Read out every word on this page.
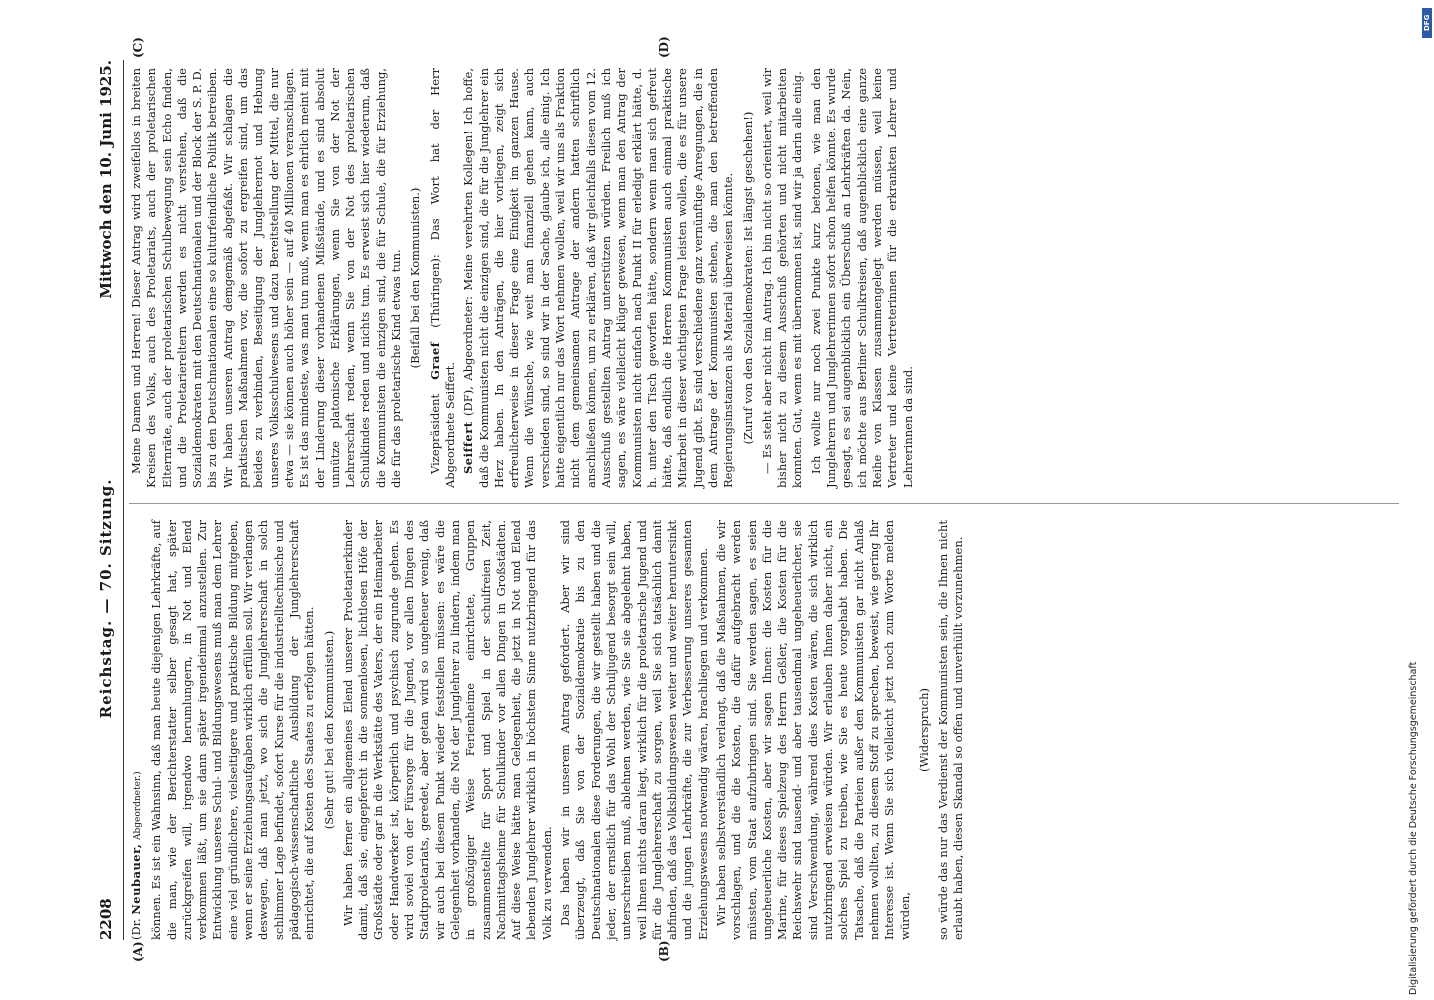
2208
Reichstag. — 70. Sitzung.
Mittwoch den 10. Juni 1925.
(A)	(B)
(C)	(D)

(Dr. Neubauer, Abgeordneter.) können. Es ist ein Wahnsinn, daß man heute diejenigen Lehrkräfte, auf die man, wie der Berichterstatter selber gesagt hat, später zurückgreifen will, irgendwo herumlungern, in Not und Elend verkommen läßt, um sie dann später irgendeinmal anzustellen. Zur Entwicklung unseres Schul- und Bildungswesens muß man dem Lehrer eine viel gründlichere, vielseitigere und praktische Bildung mitgeben, wenn er seine Erziehungsaufgaben wirklich erfüllen soll. Wir verlangen deswegen, daß man jetzt, wo sich die Junglehrerschaft in solch schlimmer Lage befindet, sofort Kurse für die industrielltechnische und pädagogisch-wissenschaftliche Ausbildung der Junglehrerschaft einrichtet, die auf Kosten des Staates zu erfolgen hätten. (Sehr gut! bei den Kommunisten.) Wir haben ferner ein allgemeines Elend unserer Proletarierkinder damit, daß sie, eingepfercht in die sonnenlosen, lichtlosen Höfe der Großstädte oder gar in die Werkstätte des Vaters, der ein Heimarbeiter oder Handwerker ist, körperlich und psychisch zugrunde gehen. Es wird soviel von der Fürsorge für die Jugend, vor allen Dingen des Stadtproletariats, geredet, aber getan wird so ungeheuer wenig, daß wir auch bei diesem Punkt wieder feststellen müssen: es wäre die Gelegenheit vorhanden, die Not der Junglehrer zu lindern, indem man in großzügiger Weise Ferienheime einrichtete, Gruppen zusammenstellte für Sport und Spiel in der schulfreien Zeit, Nachmittagsheime für Schulkinder vor allen Dingen in Großstädten. Auf diese Weise hätte man Gelegenheit, die jetzt in Not und Elend lebenden Junglehrer wirklich in höchstem Sinne nutzbringend für das Volk zu verwenden. Das haben wir in unserem Antrag gefordert. Aber wir sind überzeugt, daß Sie von der Sozialdemokratie bis zu den Deutschnationalen diese Forderungen, die wir gestellt haben und die jeder, der ernstlich für das Wohl der Schuljugend besorgt sein will, unterschreiben muß, ablehnen werden, wie Sie sie abgelehnt haben, weil Ihnen nichts daran liegt, wirklich für die proletarische Jugend und für die Junglehrerschaft zu sorgen, weil Sie sich tatsächlich damit abfinden, daß das Volksbildungswesen weiter und weiter heruntersinkt und die jungen Lehrkräfte, die zur Verbesserung unseres gesamten Erziehungswesens notwendig wären, brachliegen und verkommen. Wir haben selbstverständlich verlangt, daß die Maßnahmen, die wir vorschlagen, und die die Kosten, die dafür aufgebracht werden müssten, vom Staat aufzubringen sind. Sie werden sagen, es seien ungeheuerliche Kosten, aber wir sagen Ihnen: die Kosten für die Marine, für dieses Spielzeug des Herrn Geßler, die Kosten für die Reichswehr sind tausend- und aber tausendmal ungeheuerlicher, sie sind Verschwendung, während dies Kosten wären, die sich wirklich nutzbringend erweisen würden. Wir erlauben Ihnen daher nicht, ein solches Spiel zu treiben, wie Sie es heute vorgehabt haben. Die Tatsache, daß die Parteien außer den Kommunisten gar nicht Anlaß nehmen wollten, zu diesem Stoff zu sprechen, beweist, wie gering Ihr Interesse ist. Wenn Sie sich vielleicht jetzt noch zum Worte melden würden,

(Widerspruch) so würde das nur das Verdienst der Kommunisten sein, die Ihnen nicht erlaubt haben, diesen Skandal so offen und unverhüllt vorzunehmen.

Meine Damen und Herren! Dieser Antrag wird zweifellos in breiten Kreisen des Volks, auch des Proletariats, auch der proletarischen Elternräte, auch der proletarischen Schulbewegung sein Echo finden, und die Proletariereltern werden es nicht verstehen, daß die Sozialdemokraten mit den Deutschnationalen und der Block der S. P. D. bis zu den Deutschnationalen eine so kulturfeindliche Politik betreiben. Wir haben unseren Antrag demgemäß abgefaßt. Wir schlagen die praktischen Maßnahmen vor, die sofort zu ergreifen sind, um das beides zu verbinden, Beseitigung der Junglehrernot und Hebung unseres Volksschulwesens und dazu Bereitstellung der Mittel, die nur etwa — sie können auch höher sein — auf 40 Millionen veranschlagen. Es ist das mindeste, was man tun muß, wenn man es ehrlich meint mit der Linderung dieser vorhandenen Mißstände, und es sind absolut unnütze platonische Erklärungen, wenn Sie von der Not der Lehrerschaft reden, wenn Sie von der Not des proletarischen Schulkindes reden und nichts tun. Es erweist sich hier wiederum, daß die Kommunisten die einzigen sind, die für Schule, die für Erziehung, die für das proletarische Kind etwas tun. (Beifall bei den Kommunisten.)

Vizepräsident Graef (Thüringen): Das Wort hat der Herr Abgeordnete Seiffert. Seiffert (DF), Abgeordneter: Meine verehrten Kollegen! Ich hoffe, daß die Kommunisten nicht die einzigen sind, die für die Junglehrer ein Herz haben. In den Anträgen, die hier vorliegen, zeigt sich erfreulicherweise in dieser Frage eine Einigkeit im ganzen Hause. Wenn die Wünsche, wie weit man finanziell gehen kann, auch verschieden sind, so sind wir in der Sache, glaube ich, alle einig. Ich hatte eigentlich nur das Wort nehmen wollen, weil wir uns als Fraktion nicht dem gemeinsamen Antrage der andern hatten schriftlich anschließen können, um zu erklären, daß wir gleichfalls diesen vom 12. Ausschuß gestellten Antrag unterstützen würden. Freilich muß ich sagen, es wäre vielleicht klüger gewesen, wenn man den Antrag der Kommunisten nicht einfach nach Punkt II für erledigt erklärt hätte, d. h. unter den Tisch geworfen hätte, sondern wenn man sich gefreut hätte, daß endlich die Herren Kommunisten auch einmal praktische Mitarbeit in dieser wichtigsten Frage leisten wollen, die es für unsere Jugend gibt. Es sind verschiedene ganz vernünftige Anregungen, die in dem Antrage der Kommunisten stehen, die man den betreffenden Regierungsinstanzen als Material überweisen könnte. (Zuruf von den Sozialdemokraten: Ist längst geschehen!) — Es steht aber nicht im Antrag. Ich bin nicht so orientiert, weil wir bisher nicht zu diesem Ausschuß gehörten und nicht mitarbeiten konnten. Gut, wenn es mit übernommen ist, sind wir ja darin alle einig. Ich wollte nur noch zwei Punkte kurz betonen, wie man den Junglehrern und Junglehrerinnen sofort schon helfen könnte. Es wurde gesagt, es sei augenblicklich ein Überschuß an Lehrkräften da. Nein, ich möchte aus Berliner Schulkreisen, daß augenblicklich eine ganze Reihe von Klassen zusammengelegt werden müssen, weil keine Vertreter und keine Vertreterinnen für die erkrankten Lehrer und Lehrerinnen da sind.

DFG
Digitalisierung gefördert durch die Deutsche Forschungsgemeinschaft
